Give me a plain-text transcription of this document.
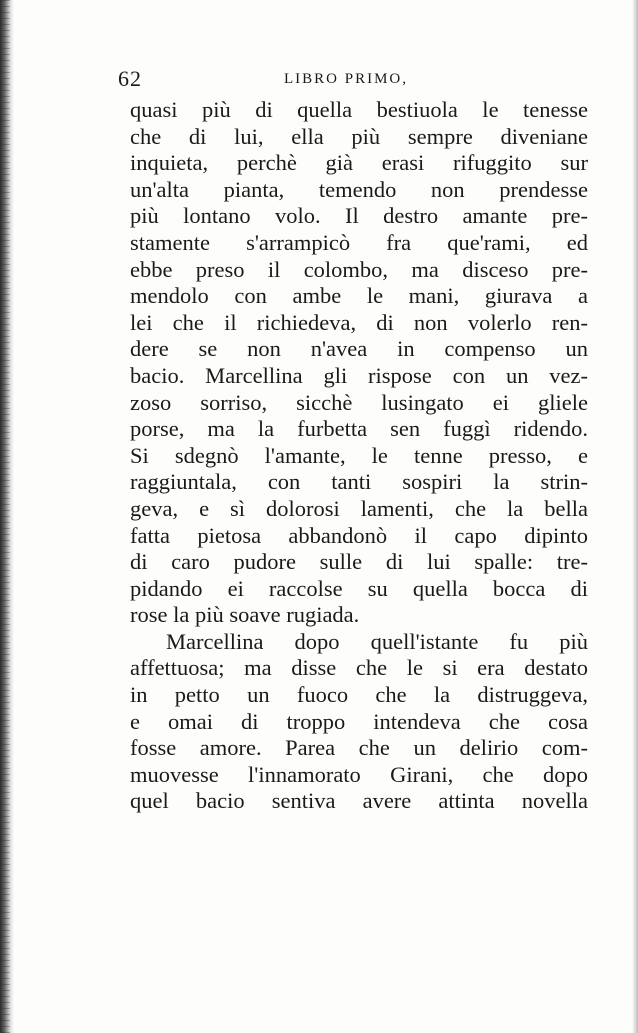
62	LIBRO PRIMO,
quasi più di quella bestiuola le tenesse
che di lui, ella più sempre diveniane
inquieta, perchè già erasi rifuggito sur
un'alta pianta, temendo non prendesse
più lontano volo. Il destro amante pre-
stamente s'arrampicò fra que'rami, ed
ebbe preso il colombo, ma disceso pre-
mendolo con ambe le mani, giurava a
lei che il richiedeva, di non volerlo ren-
dere se non n'avea in compenso un
bacio. Marcellina gli rispose con un vez-
zoso sorriso, sicchè lusingato ei gliele
porse, ma la furbetta sen fuggì ridendo.
Si sdegnò l'amante, le tenne presso, e
raggiuntala, con tanti sospiri la strin-
geva, e sì dolorosi lamenti, che la bella
fatta pietosa abbandonò il capo dipinto
di caro pudore sulle di lui spalle: tre-
pidando ei raccolse su quella bocca di
rose la più soave rugiada.
Marcellina dopo quell'istante fu più
affettuosa; ma disse che le si era destato
in petto un fuoco che la distruggeva,
e omai di troppo intendeva che cosa
fosse amore. Parea che un delirio com-
muovesse l'innamorato Girani, che dopo
quel bacio sentiva avere attinta novella
